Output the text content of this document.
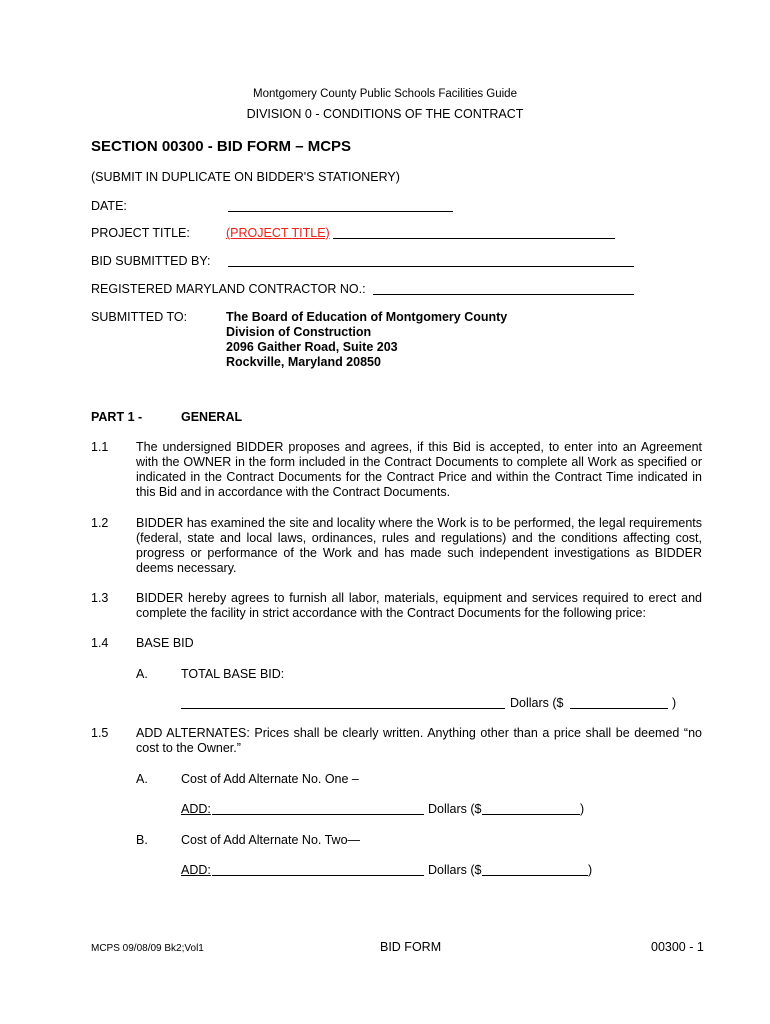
Montgomery County Public Schools Facilities Guide
DIVISION 0 - CONDITIONS OF THE CONTRACT
SECTION 00300 - BID FORM – MCPS
(SUBMIT IN DUPLICATE ON BIDDER'S STATIONERY)
DATE:
PROJECT TITLE:	(PROJECT TITLE)
BID SUBMITTED BY:
REGISTERED MARYLAND CONTRACTOR NO.:
SUBMITTED TO:	The Board of Education of Montgomery County
Division of Construction
2096 Gaither Road, Suite 203
Rockville, Maryland 20850
PART 1 -	GENERAL
1.1 The undersigned BIDDER proposes and agrees, if this Bid is accepted, to enter into an Agreement with the OWNER in the form included in the Contract Documents to complete all Work as specified or indicated in the Contract Documents for the Contract Price and within the Contract Time indicated in this Bid and in accordance with the Contract Documents.
1.2 BIDDER has examined the site and locality where the Work is to be performed, the legal requirements (federal, state and local laws, ordinances, rules and regulations) and the conditions affecting cost, progress or performance of the Work and has made such independent investigations as BIDDER deems necessary.
1.3 BIDDER hereby agrees to furnish all labor, materials, equipment and services required to erect and complete the facility in strict accordance with the Contract Documents for the following price:
1.4 BASE BID
A.	TOTAL BASE BID:
Dollars ($	)
1.5 ADD ALTERNATES: Prices shall be clearly written. Anything other than a price shall be deemed “no cost to the Owner.”
A.	Cost of Add Alternate No. One –
ADD:	Dollars ($	)
B.	Cost of Add Alternate No. Two—
ADD:	Dollars ($	)
MCPS 09/08/09 Bk2;Vol1	BID FORM	00300 - 1
